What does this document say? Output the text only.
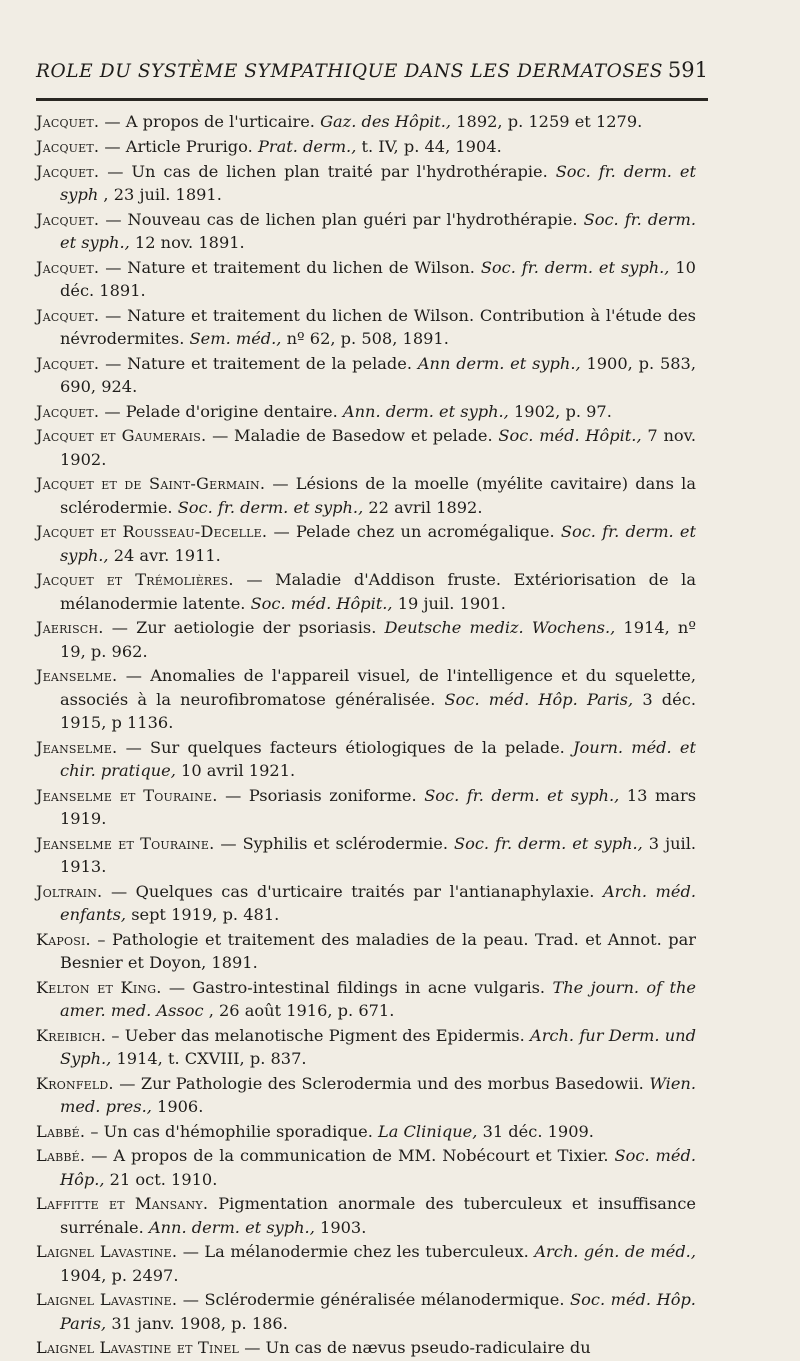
ROLE DU SYSTÈME SYMPATHIQUE DANS LES DERMATOSES 591

Jacquet. — A propos de l'urticaire. Gaz. des Hôpit., 1892, p. 1259 et 1279.

Jacquet. — Article Prurigo. Prat. derm., t. IV, p. 44, 1904.

Jacquet. — Un cas de lichen plan traité par l'hydrothérapie. Soc. fr. derm. et syph , 23 juil. 1891.

Jacquet. — Nouveau cas de lichen plan guéri par l'hydrothérapie. Soc. fr. derm. et syph., 12 nov. 1891.

Jacquet. — Nature et traitement du lichen de Wilson. Soc. fr. derm. et syph., 10 déc. 1891.

Jacquet. — Nature et traitement du lichen de Wilson. Contribution à l'étude des névrodermites. Sem. méd., nº 62, p. 508, 1891.

Jacquet. — Nature et traitement de la pelade. Ann derm. et syph., 1900, p. 583, 690, 924.

Jacquet. — Pelade d'origine dentaire. Ann. derm. et syph., 1902, p. 97.

Jacquet et Gaumerais. — Maladie de Basedow et pelade. Soc. méd. Hôpit., 7 nov. 1902.

Jacquet et de Saint-Germain. — Lésions de la moelle (myélite cavitaire) dans la sclérodermie. Soc. fr. derm. et syph., 22 avril 1892.

Jacquet et Rousseau-Decelle. — Pelade chez un acromégalique. Soc. fr. derm. et syph., 24 avr. 1911.

Jacquet et Trémolières. — Maladie d'Addison fruste. Extériorisation de la mélanodermie latente. Soc. méd. Hôpit., 19 juil. 1901.

Jaerisch. — Zur aetiologie der psoriasis. Deutsche mediz. Wochens., 1914, nº 19, p. 962.

Jeanselme. — Anomalies de l'appareil visuel, de l'intelligence et du squelette, associés à la neurofibromatose généralisée. Soc. méd. Hôp. Paris, 3 déc. 1915, p 1136.

Jeanselme. — Sur quelques facteurs étiologiques de la pelade. Journ. méd. et chir. pratique, 10 avril 1921.

Jeanselme et Touraine. — Psoriasis zoniforme. Soc. fr. derm. et syph., 13 mars 1919.

Jeanselme et Touraine. — Syphilis et sclérodermie. Soc. fr. derm. et syph., 3 juil. 1913.

Joltrain. — Quelques cas d'urticaire traités par l'antianaphylaxie. Arch. méd. enfants, sept 1919, p. 481.

Kaposi. – Pathologie et traitement des maladies de la peau. Trad. et Annot. par Besnier et Doyon, 1891.

Kelton et King. — Gastro-intestinal fildings in acne vulgaris. The journ. of the amer. med. Assoc , 26 août 1916, p. 671.

Kreibich. – Ueber das melanotische Pigment des Epidermis. Arch. fur Derm. und Syph., 1914, t. CXVIII, p. 837.

Kronfeld. — Zur Pathologie des Sclerodermia und des morbus Basedowii. Wien. med. pres., 1906.

Labbé. – Un cas d'hémophilie sporadique. La Clinique, 31 déc. 1909.

Labbé. — A propos de la communication de MM. Nobécourt et Tixier. Soc. méd. Hôp., 21 oct. 1910.

Laffitte et Mansany. Pigmentation anormale des tuberculeux et insuffisance surrénale. Ann. derm. et syph., 1903.

Laignel Lavastine. — La mélanodermie chez les tuberculeux. Arch. gén. de méd., 1904, p. 2497.

Laignel Lavastine. — Sclérodermie généralisée mélanodermique. Soc. méd. Hôp. Paris, 31 janv. 1908, p. 186.

Laignel Lavastine et Tinel — Un cas de nævus pseudo-radiculaire du
